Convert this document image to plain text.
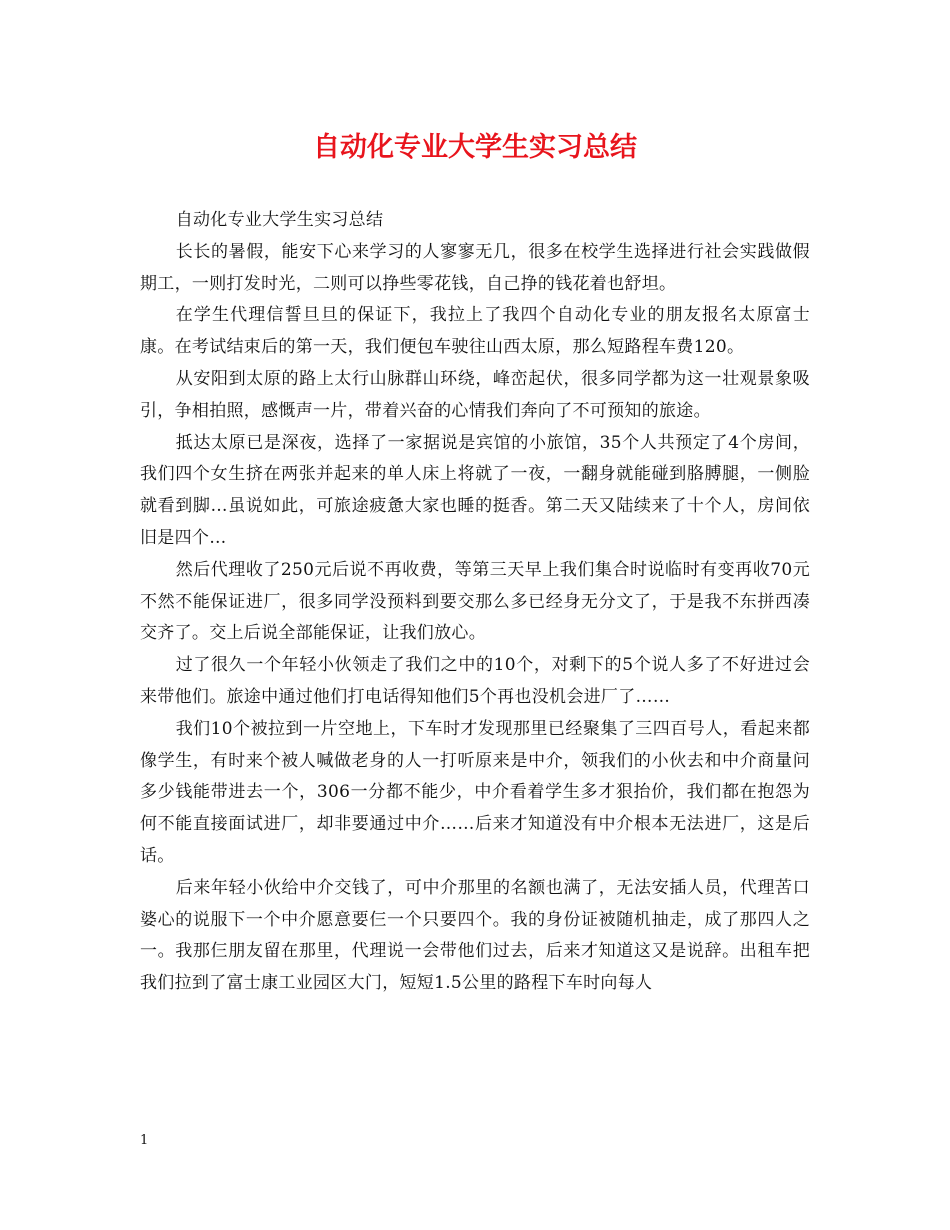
自动化专业大学生实习总结

自动化专业大学生实习总结

长长的暑假，能安下心来学习的人寥寥无几，很多在校学生选择进行社会实践做假期工，一则打发时光，二则可以挣些零花钱，自己挣的钱花着也舒坦。

在学生代理信誓旦旦的保证下，我拉上了我四个自动化专业的朋友报名太原富士康。在考试结束后的第一天，我们便包车驶往山西太原，那么短路程车费120。

从安阳到太原的路上太行山脉群山环绕，峰峦起伏，很多同学都为这一壮观景象吸引，争相拍照，感慨声一片，带着兴奋的心情我们奔向了不可预知的旅途。

抵达太原已是深夜，选择了一家据说是宾馆的小旅馆，35个人共预定了4个房间，我们四个女生挤在两张并起来的单人床上将就了一夜，一翻身就能碰到胳膊腿，一侧脸就看到脚…虽说如此，可旅途疲惫大家也睡的挺香。第二天又陆续来了十个人，房间依旧是四个…

然后代理收了250元后说不再收费，等第三天早上我们集合时说临时有变再收70元不然不能保证进厂，很多同学没预料到要交那么多已经身无分文了，于是我不东拼西凑交齐了。交上后说全部能保证，让我们放心。

过了很久一个年轻小伙领走了我们之中的10个，对剩下的5个说人多了不好进过会来带他们。旅途中通过他们打电话得知他们5个再也没机会进厂了……

我们10个被拉到一片空地上，下车时才发现那里已经聚集了三四百号人，看起来都像学生，有时来个被人喊做老身的人一打听原来是中介，领我们的小伙去和中介商量问多少钱能带进去一个，306一分都不能少，中介看着学生多才狠抬价，我们都在抱怨为何不能直接面试进厂，却非要通过中介……后来才知道没有中介根本无法进厂，这是后话。

后来年轻小伙给中介交钱了，可中介那里的名额也满了，无法安插人员，代理苦口婆心的说服下一个中介愿意要仨一个只要四个。我的身份证被随机抽走，成了那四人之一。我那仨朋友留在那里，代理说一会带他们过去，后来才知道这又是说辞。出租车把我们拉到了富士康工业园区大门，短短1.5公里的路程下车时向每人

1
